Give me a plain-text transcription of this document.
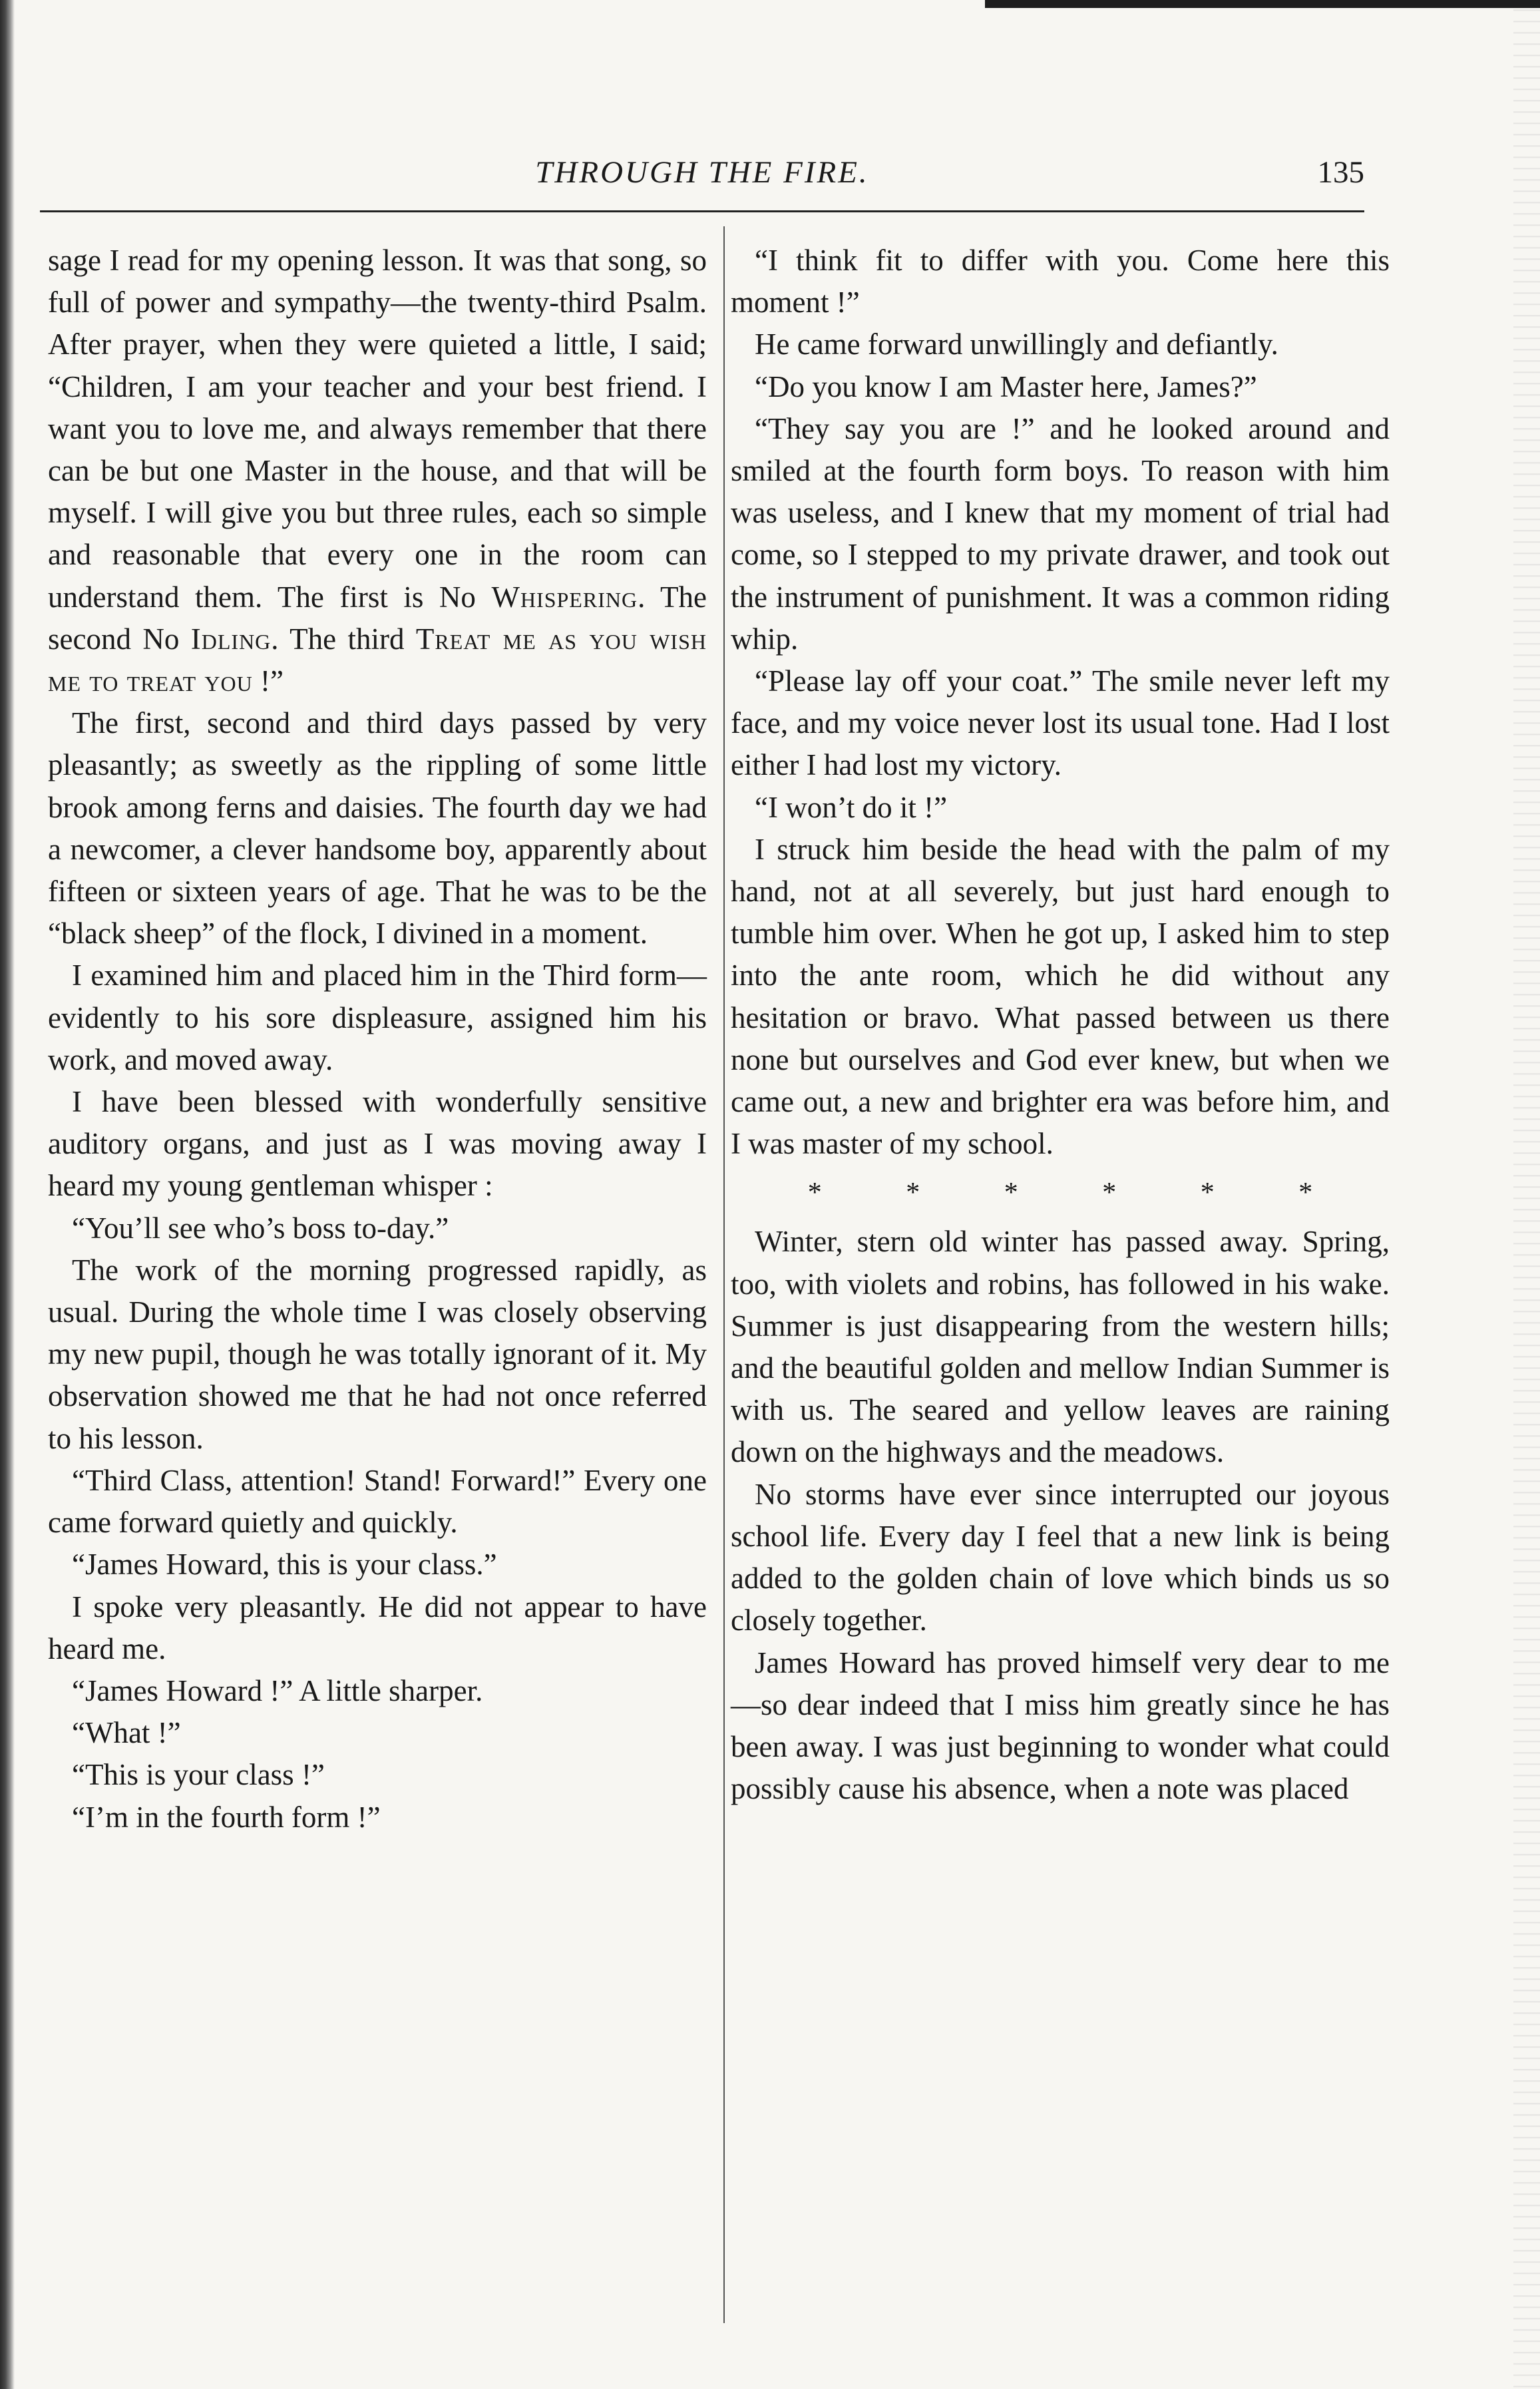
THROUGH THE FIRE.	135

sage I read for my opening lesson. It was that song, so full of power and sympathy—the twenty-third Psalm. After prayer, when they were quieted a little, I said; “Children, I am your teacher and your best friend. I want you to love me, and always remember that there can be but one Master in the house, and that will be myself. I will give you but three rules, each so simple and reasonable that every one in the room can understand them. The first is No Whispering. The second No Idling. The third Treat me as you wish me to treat you !”

The first, second and third days passed by very pleasantly; as sweetly as the rippling of some little brook among ferns and daisies. The fourth day we had a newcomer, a clever handsome boy, apparently about fifteen or sixteen years of age. That he was to be the “black sheep” of the flock, I divined in a moment.

I examined him and placed him in the Third form—evidently to his sore displeasure, assigned him his work, and moved away.

I have been blessed with wonderfully sensitive auditory organs, and just as I was moving away I heard my young gentleman whisper :

“You’ll see who’s boss to-day.”

The work of the morning progressed rapidly, as usual. During the whole time I was closely observing my new pupil, though he was totally ignorant of it. My observation showed me that he had not once referred to his lesson.

“Third Class, attention! Stand! Forward!” Every one came forward quietly and quickly.

“James Howard, this is your class.”

I spoke very pleasantly. He did not appear to have heard me.

“James Howard !” A little sharper.

“What !”

“This is your class !”

“I’m in the fourth form !”

“I think fit to differ with you. Come here this moment !”

He came forward unwillingly and defiantly.

“Do you know I am Master here, James?”

“They say you are !” and he looked around and smiled at the fourth form boys. To reason with him was useless, and I knew that my moment of trial had come, so I stepped to my private drawer, and took out the instrument of punishment. It was a common riding whip.

“Please lay off your coat.” The smile never left my face, and my voice never lost its usual tone. Had I lost either I had lost my victory.

“I won’t do it !”

I struck him beside the head with the palm of my hand, not at all severely, but just hard enough to tumble him over. When he got up, I asked him to step into the ante room, which he did without any hesitation or bravo. What passed between us there none but ourselves and God ever knew, but when we came out, a new and brighter era was before him, and I was master of my school.

* * * * * *

Winter, stern old winter has passed away. Spring, too, with violets and robins, has followed in his wake. Summer is just disappearing from the western hills; and the beautiful golden and mellow Indian Summer is with us. The seared and yellow leaves are raining down on the highways and the meadows.

No storms have ever since interrupted our joyous school life. Every day I feel that a new link is being added to the golden chain of love which binds us so closely together.

James Howard has proved himself very dear to me—so dear indeed that I miss him greatly since he has been away. I was just beginning to wonder what could possibly cause his absence, when a note was placed
